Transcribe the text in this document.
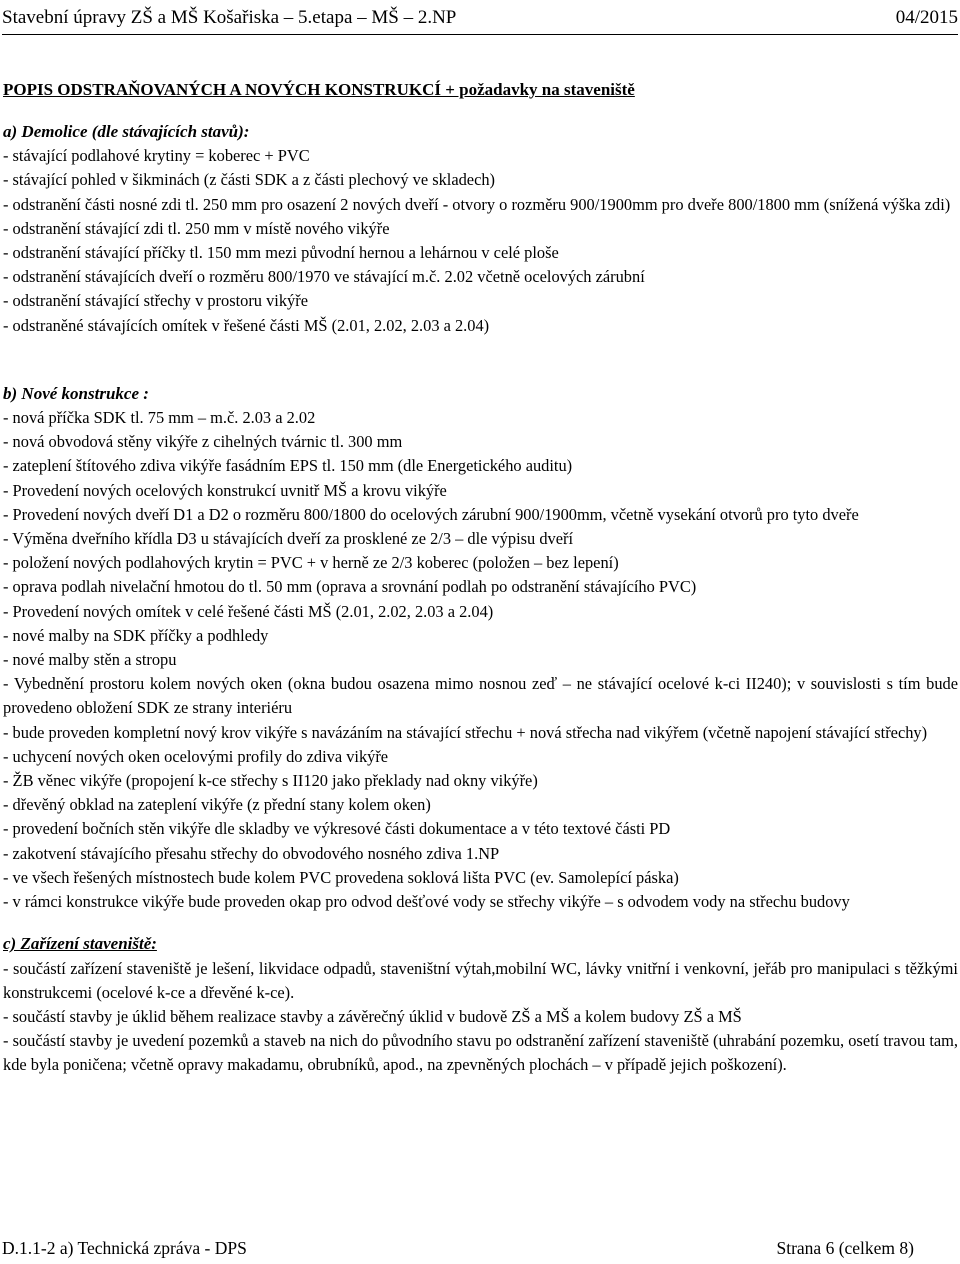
Stavební úpravy ZŠ a MŠ Košařiska – 5.etapa – MŠ – 2.NP	04/2015
POPIS ODSTRAŇOVANÝCH A NOVÝCH KONSTRUKCÍ + požadavky na staveniště
a) Demolice (dle stávajících stavů):
- stávající podlahové krytiny = koberec + PVC
- stávající pohled v šikminách (z části SDK a z části plechový ve skladech)
- odstranění části nosné zdi tl. 250 mm pro osazení 2 nových dveří - otvory o rozměru 900/1900mm pro dveře 800/1800 mm (snížená výška zdi)
- odstranění stávající zdi tl. 250 mm v místě nového vikýře
- odstranění stávající příčky tl. 150 mm mezi původní hernou a lehárnou v celé ploše
- odstranění stávajících dveří o rozměru 800/1970 ve stávající m.č. 2.02 včetně ocelových zárubní
- odstranění stávající střechy v prostoru vikýře
- odstraněné stávajících omítek v řešené části MŠ (2.01, 2.02, 2.03 a 2.04)
b) Nové konstrukce :
- nová příčka SDK tl. 75 mm – m.č. 2.03 a 2.02
- nová obvodová stěny vikýře z cihelných tvárnic tl. 300 mm
- zateplení štítového zdiva vikýře fasádním EPS tl. 150 mm (dle Energetického auditu)
- Provedení nových ocelových konstrukcí uvnitř MŠ a krovu vikýře
- Provedení nových dveří D1 a D2 o rozměru 800/1800 do ocelových zárubní 900/1900mm, včetně vysekání otvorů pro tyto dveře
- Výměna dveřního křídla D3 u stávajících dveří za prosklené ze 2/3 – dle výpisu dveří
- položení nových podlahových krytin = PVC + v herně ze 2/3 koberec (položen – bez lepení)
- oprava podlah nivelační hmotou do tl. 50 mm (oprava a srovnání podlah po odstranění stávajícího PVC)
- Provedení nových omítek v celé řešené části MŠ (2.01, 2.02, 2.03 a 2.04)
- nové malby na SDK příčky a podhledy
- nové malby stěn a stropu
- Vybednění prostoru kolem nových oken (okna budou osazena mimo nosnou zeď – ne stávající ocelové k-ci II240); v souvislosti s tím bude provedeno obložení SDK ze strany interiéru
- bude proveden kompletní nový krov vikýře s navázáním na stávající střechu + nová střecha nad vikýřem (včetně napojení stávající střechy)
- uchycení nových oken ocelovými profily do zdiva vikýře
- ŽB věnec vikýře (propojení k-ce střechy s II120 jako překlady nad okny vikýře)
- dřevěný obklad na zateplení vikýře (z přední stany kolem oken)
- provedení bočních stěn vikýře dle skladby ve výkresové části dokumentace a v této textové části PD
- zakotvení stávajícího přesahu střechy do obvodového nosného zdiva 1.NP
- ve všech řešených místnostech bude kolem PVC provedena soklová lišta PVC (ev. Samolepící páska)
- v rámci konstrukce vikýře bude proveden okap pro odvod dešťové vody se střechy vikýře – s odvodem vody na střechu budovy
c) Zařízení staveniště:
- součástí zařízení staveniště je lešení, likvidace odpadů, staveništní výtah,mobilní WC, lávky vnitřní i venkovní, jeřáb pro manipulaci s těžkými konstrukcemi (ocelové k-ce a dřevěné k-ce).
- součástí stavby je úklid během realizace stavby a závěrečný úklid v budově ZŠ a MŠ a kolem budovy ZŠ a MŠ
- součástí stavby je uvedení pozemků a staveb na nich do původního stavu po odstranění zařízení staveniště (uhrabání pozemku, osetí travou tam, kde byla poničena; včetně opravy makadamu, obrubníků, apod., na zpevněných plochách – v případě jejich poškození).
D.1.1-2 a) Technická zpráva - DPS	Strana 6 (celkem 8)
